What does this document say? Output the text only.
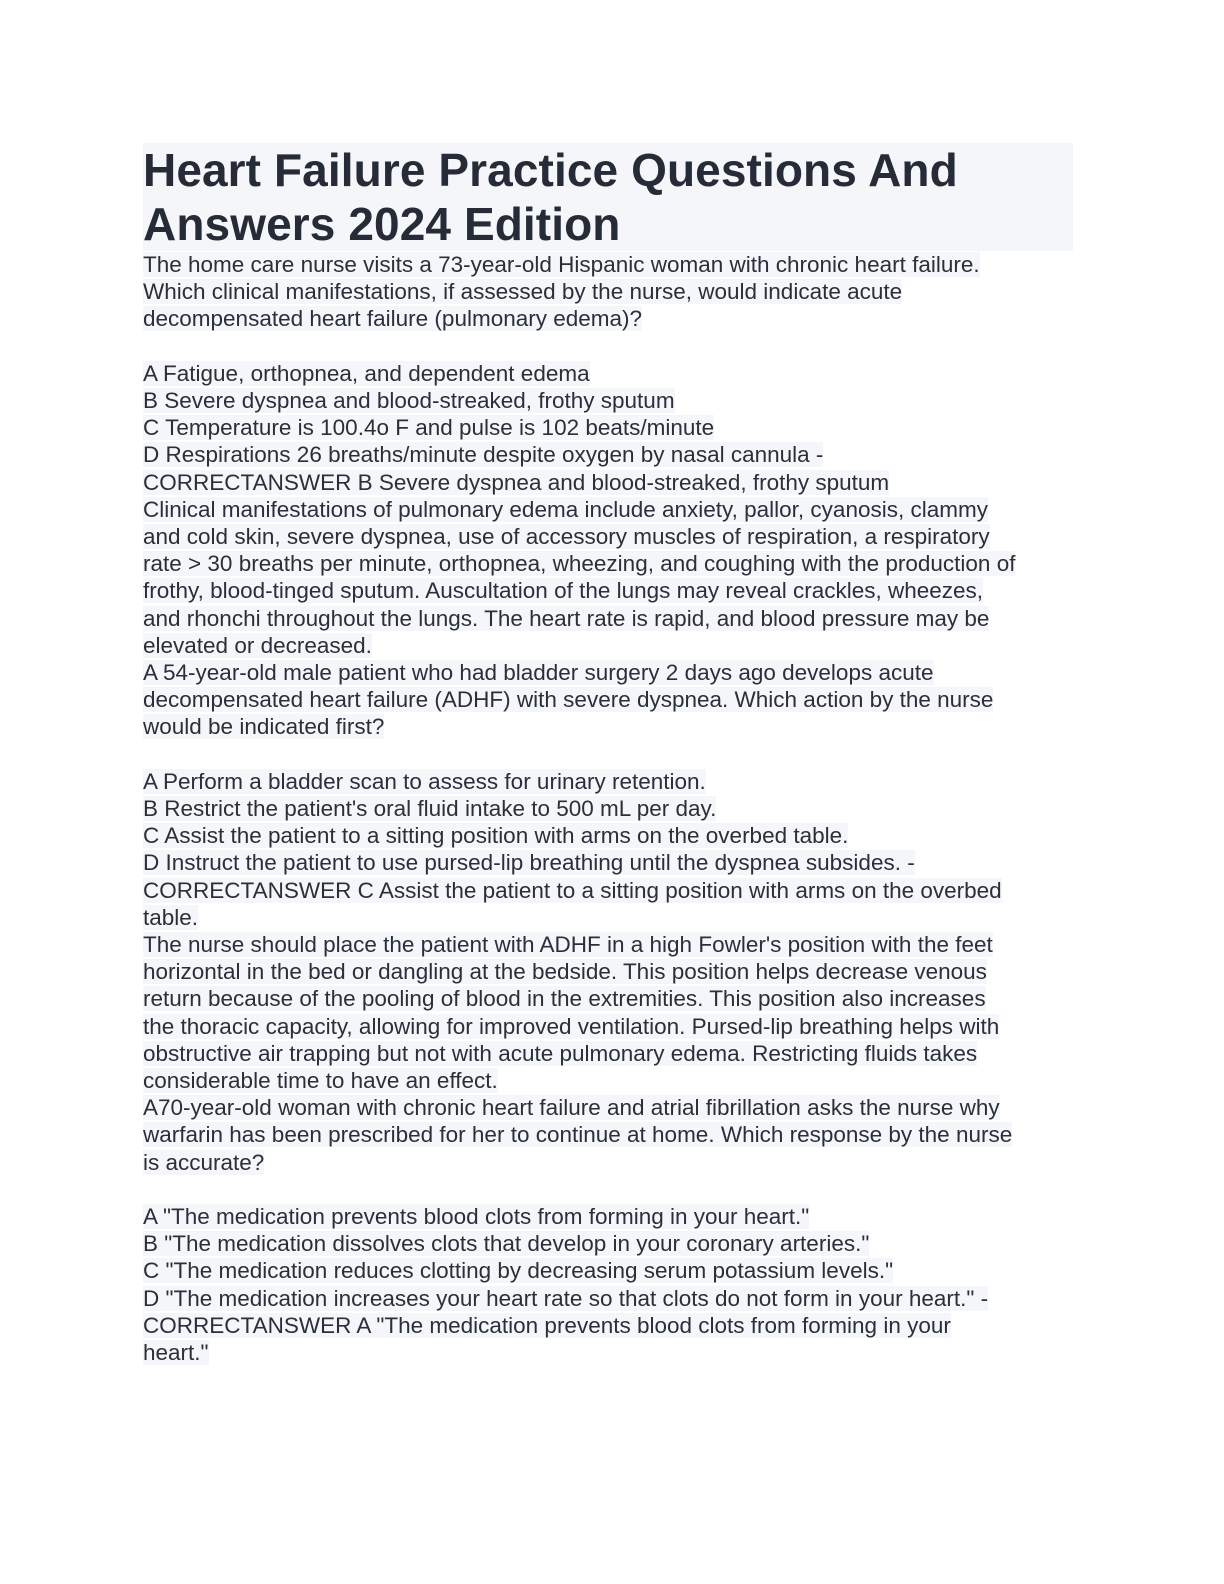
Heart Failure Practice Questions And
Answers 2024 Edition
The home care nurse visits a 73-year-old Hispanic woman with chronic heart failure.
Which clinical manifestations, if assessed by the nurse, would indicate acute
decompensated heart failure (pulmonary edema)?
A Fatigue, orthopnea, and dependent edema
B Severe dyspnea and blood-streaked, frothy sputum
C Temperature is 100.4o F and pulse is 102 beats/minute
D Respirations 26 breaths/minute despite oxygen by nasal cannula -
CORRECTANSWER B Severe dyspnea and blood-streaked, frothy sputum
Clinical manifestations of pulmonary edema include anxiety, pallor, cyanosis, clammy
and cold skin, severe dyspnea, use of accessory muscles of respiration, a respiratory
rate > 30 breaths per minute, orthopnea, wheezing, and coughing with the production of
frothy, blood-tinged sputum. Auscultation of the lungs may reveal crackles, wheezes,
and rhonchi throughout the lungs. The heart rate is rapid, and blood pressure may be
elevated or decreased.
A 54-year-old male patient who had bladder surgery 2 days ago develops acute
decompensated heart failure (ADHF) with severe dyspnea. Which action by the nurse
would be indicated first?
A Perform a bladder scan to assess for urinary retention.
B Restrict the patient's oral fluid intake to 500 mL per day.
C Assist the patient to a sitting position with arms on the overbed table.
D Instruct the patient to use pursed-lip breathing until the dyspnea subsides. -
CORRECTANSWER C Assist the patient to a sitting position with arms on the overbed
table.
The nurse should place the patient with ADHF in a high Fowler's position with the feet
horizontal in the bed or dangling at the bedside. This position helps decrease venous
return because of the pooling of blood in the extremities. This position also increases
the thoracic capacity, allowing for improved ventilation. Pursed-lip breathing helps with
obstructive air trapping but not with acute pulmonary edema. Restricting fluids takes
considerable time to have an effect.
A70-year-old woman with chronic heart failure and atrial fibrillation asks the nurse why
warfarin has been prescribed for her to continue at home. Which response by the nurse
is accurate?
A "The medication prevents blood clots from forming in your heart."
B "The medication dissolves clots that develop in your coronary arteries."
C "The medication reduces clotting by decreasing serum potassium levels."
D "The medication increases your heart rate so that clots do not form in your heart." -
CORRECTANSWER A "The medication prevents blood clots from forming in your
heart."
